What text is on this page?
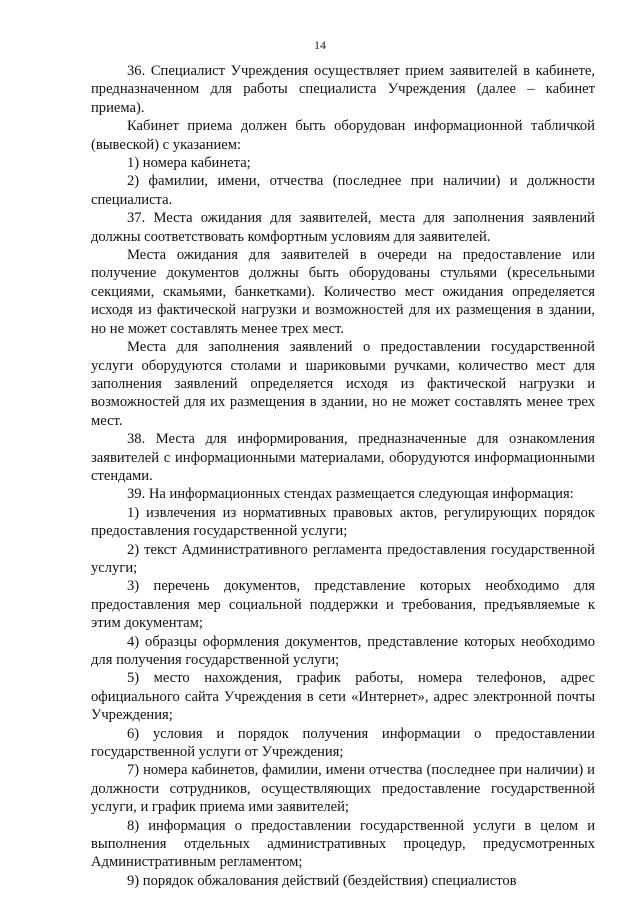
14

36. Специалист Учреждения осуществляет прием заявителей в кабинете, предназначенном для работы специалиста Учреждения (далее – кабинет приема).

Кабинет приема должен быть оборудован информационной табличкой (вывеской) с указанием:

1) номера кабинета;

2) фамилии, имени, отчества (последнее при наличии) и должности специалиста.

37. Места ожидания для заявителей, места для заполнения заявлений должны соответствовать комфортным условиям для заявителей.

Места ожидания для заявителей в очереди на предоставление или получение документов должны быть оборудованы стульями (кресельными секциями, скамьями, банкетками). Количество мест ожидания определяется исходя из фактической нагрузки и возможностей для их размещения в здании, но не может составлять менее трех мест.

Места для заполнения заявлений о предоставлении государственной услуги оборудуются столами и шариковыми ручками, количество мест для заполнения заявлений определяется исходя из фактической нагрузки и возможностей для их размещения в здании, но не может составлять менее трех мест.

38. Места для информирования, предназначенные для ознакомления заявителей с информационными материалами, оборудуются информационными стендами.

39. На информационных стендах размещается следующая информация:

1) извлечения из нормативных правовых актов, регулирующих порядок предоставления государственной услуги;

2) текст Административного регламента предоставления государственной услуги;

3) перечень документов, представление которых необходимо для предоставления мер социальной поддержки и требования, предъявляемые к этим документам;

4) образцы оформления документов, представление которых необходимо для получения государственной услуги;

5) место нахождения, график работы, номера телефонов, адрес официального сайта Учреждения в сети «Интернет», адрес электронной почты Учреждения;

6) условия и порядок получения информации о предоставлении государственной услуги от Учреждения;

7) номера кабинетов, фамилии, имени отчества (последнее при наличии) и должности сотрудников, осуществляющих предоставление государственной услуги, и график приема ими заявителей;

8) информация о предоставлении государственной услуги в целом и выполнения отдельных административных процедур, предусмотренных Административным регламентом;

9) порядок обжалования действий (бездействия) специалистов
